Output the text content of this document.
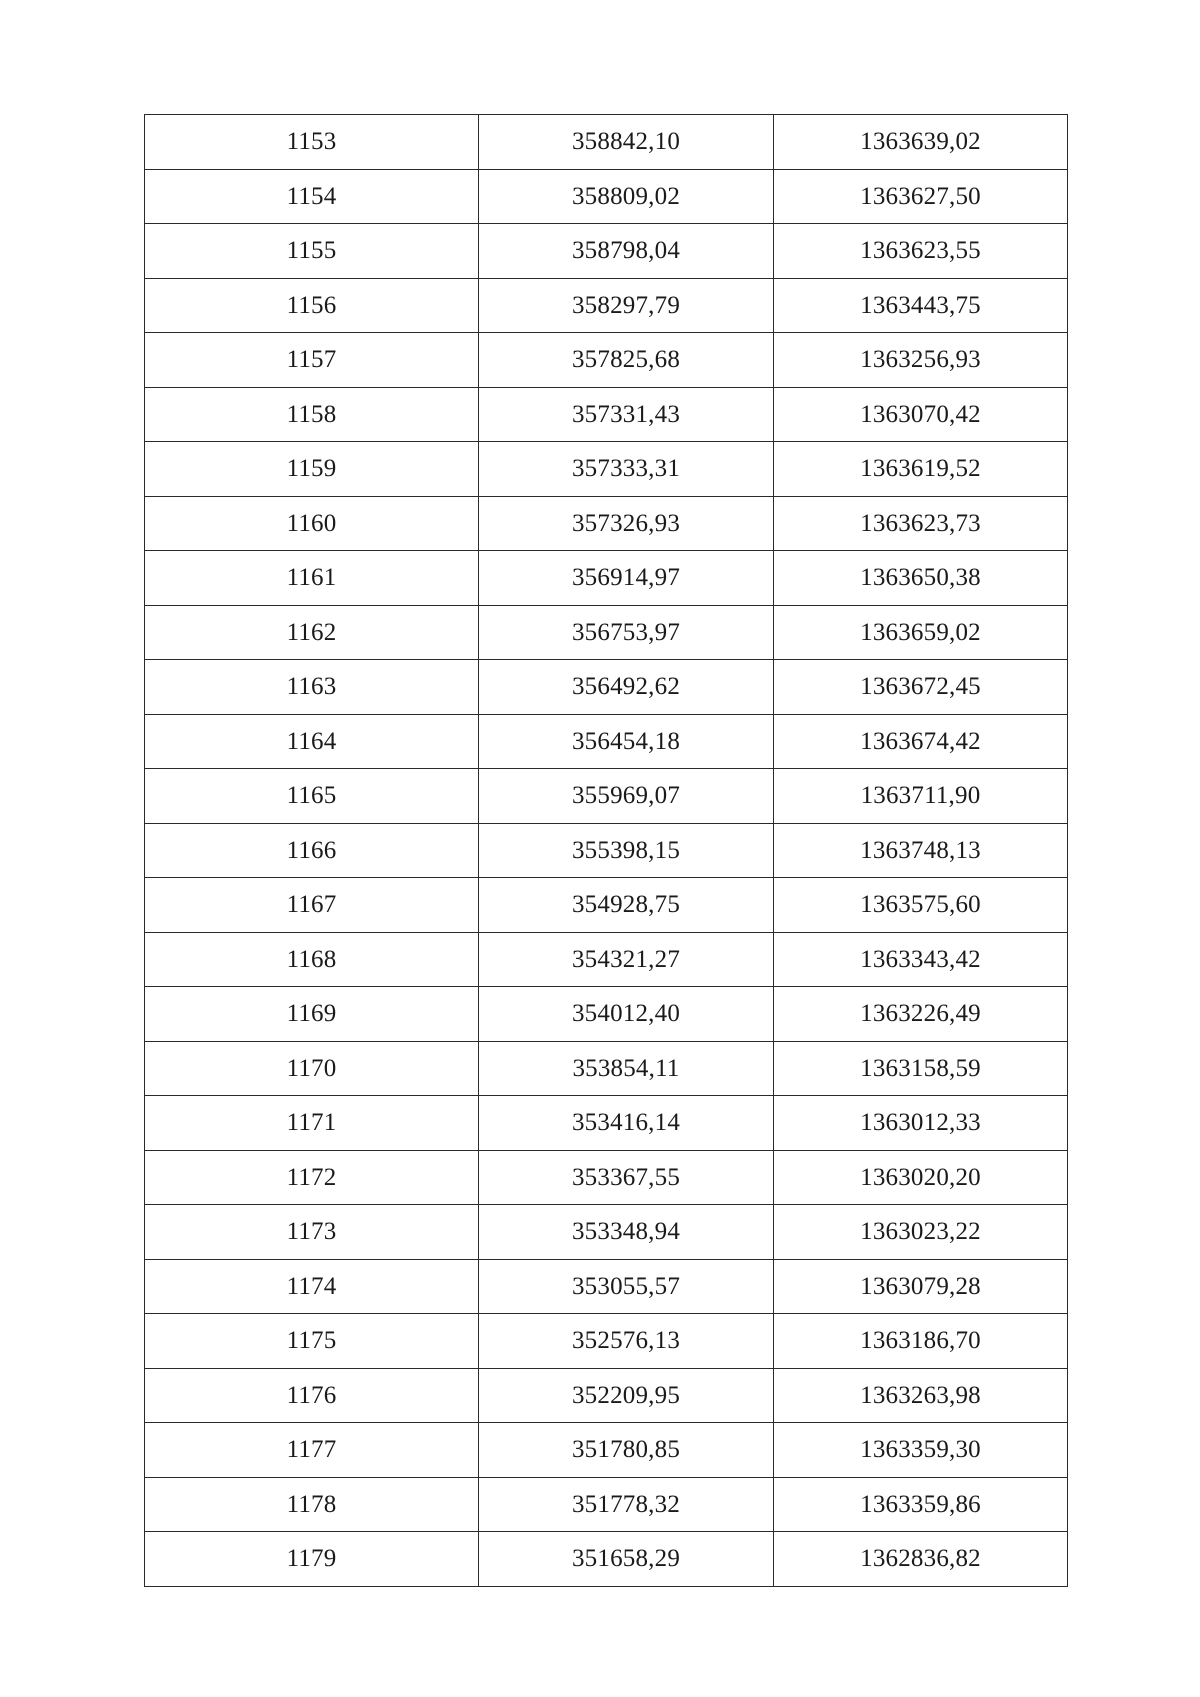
1153	358842,10	1363639,02
1154	358809,02	1363627,50
1155	358798,04	1363623,55
1156	358297,79	1363443,75
1157	357825,68	1363256,93
1158	357331,43	1363070,42
1159	357333,31	1363619,52
1160	357326,93	1363623,73
1161	356914,97	1363650,38
1162	356753,97	1363659,02
1163	356492,62	1363672,45
1164	356454,18	1363674,42
1165	355969,07	1363711,90
1166	355398,15	1363748,13
1167	354928,75	1363575,60
1168	354321,27	1363343,42
1169	354012,40	1363226,49
1170	353854,11	1363158,59
1171	353416,14	1363012,33
1172	353367,55	1363020,20
1173	353348,94	1363023,22
1174	353055,57	1363079,28
1175	352576,13	1363186,70
1176	352209,95	1363263,98
1177	351780,85	1363359,30
1178	351778,32	1363359,86
1179	351658,29	1362836,82
